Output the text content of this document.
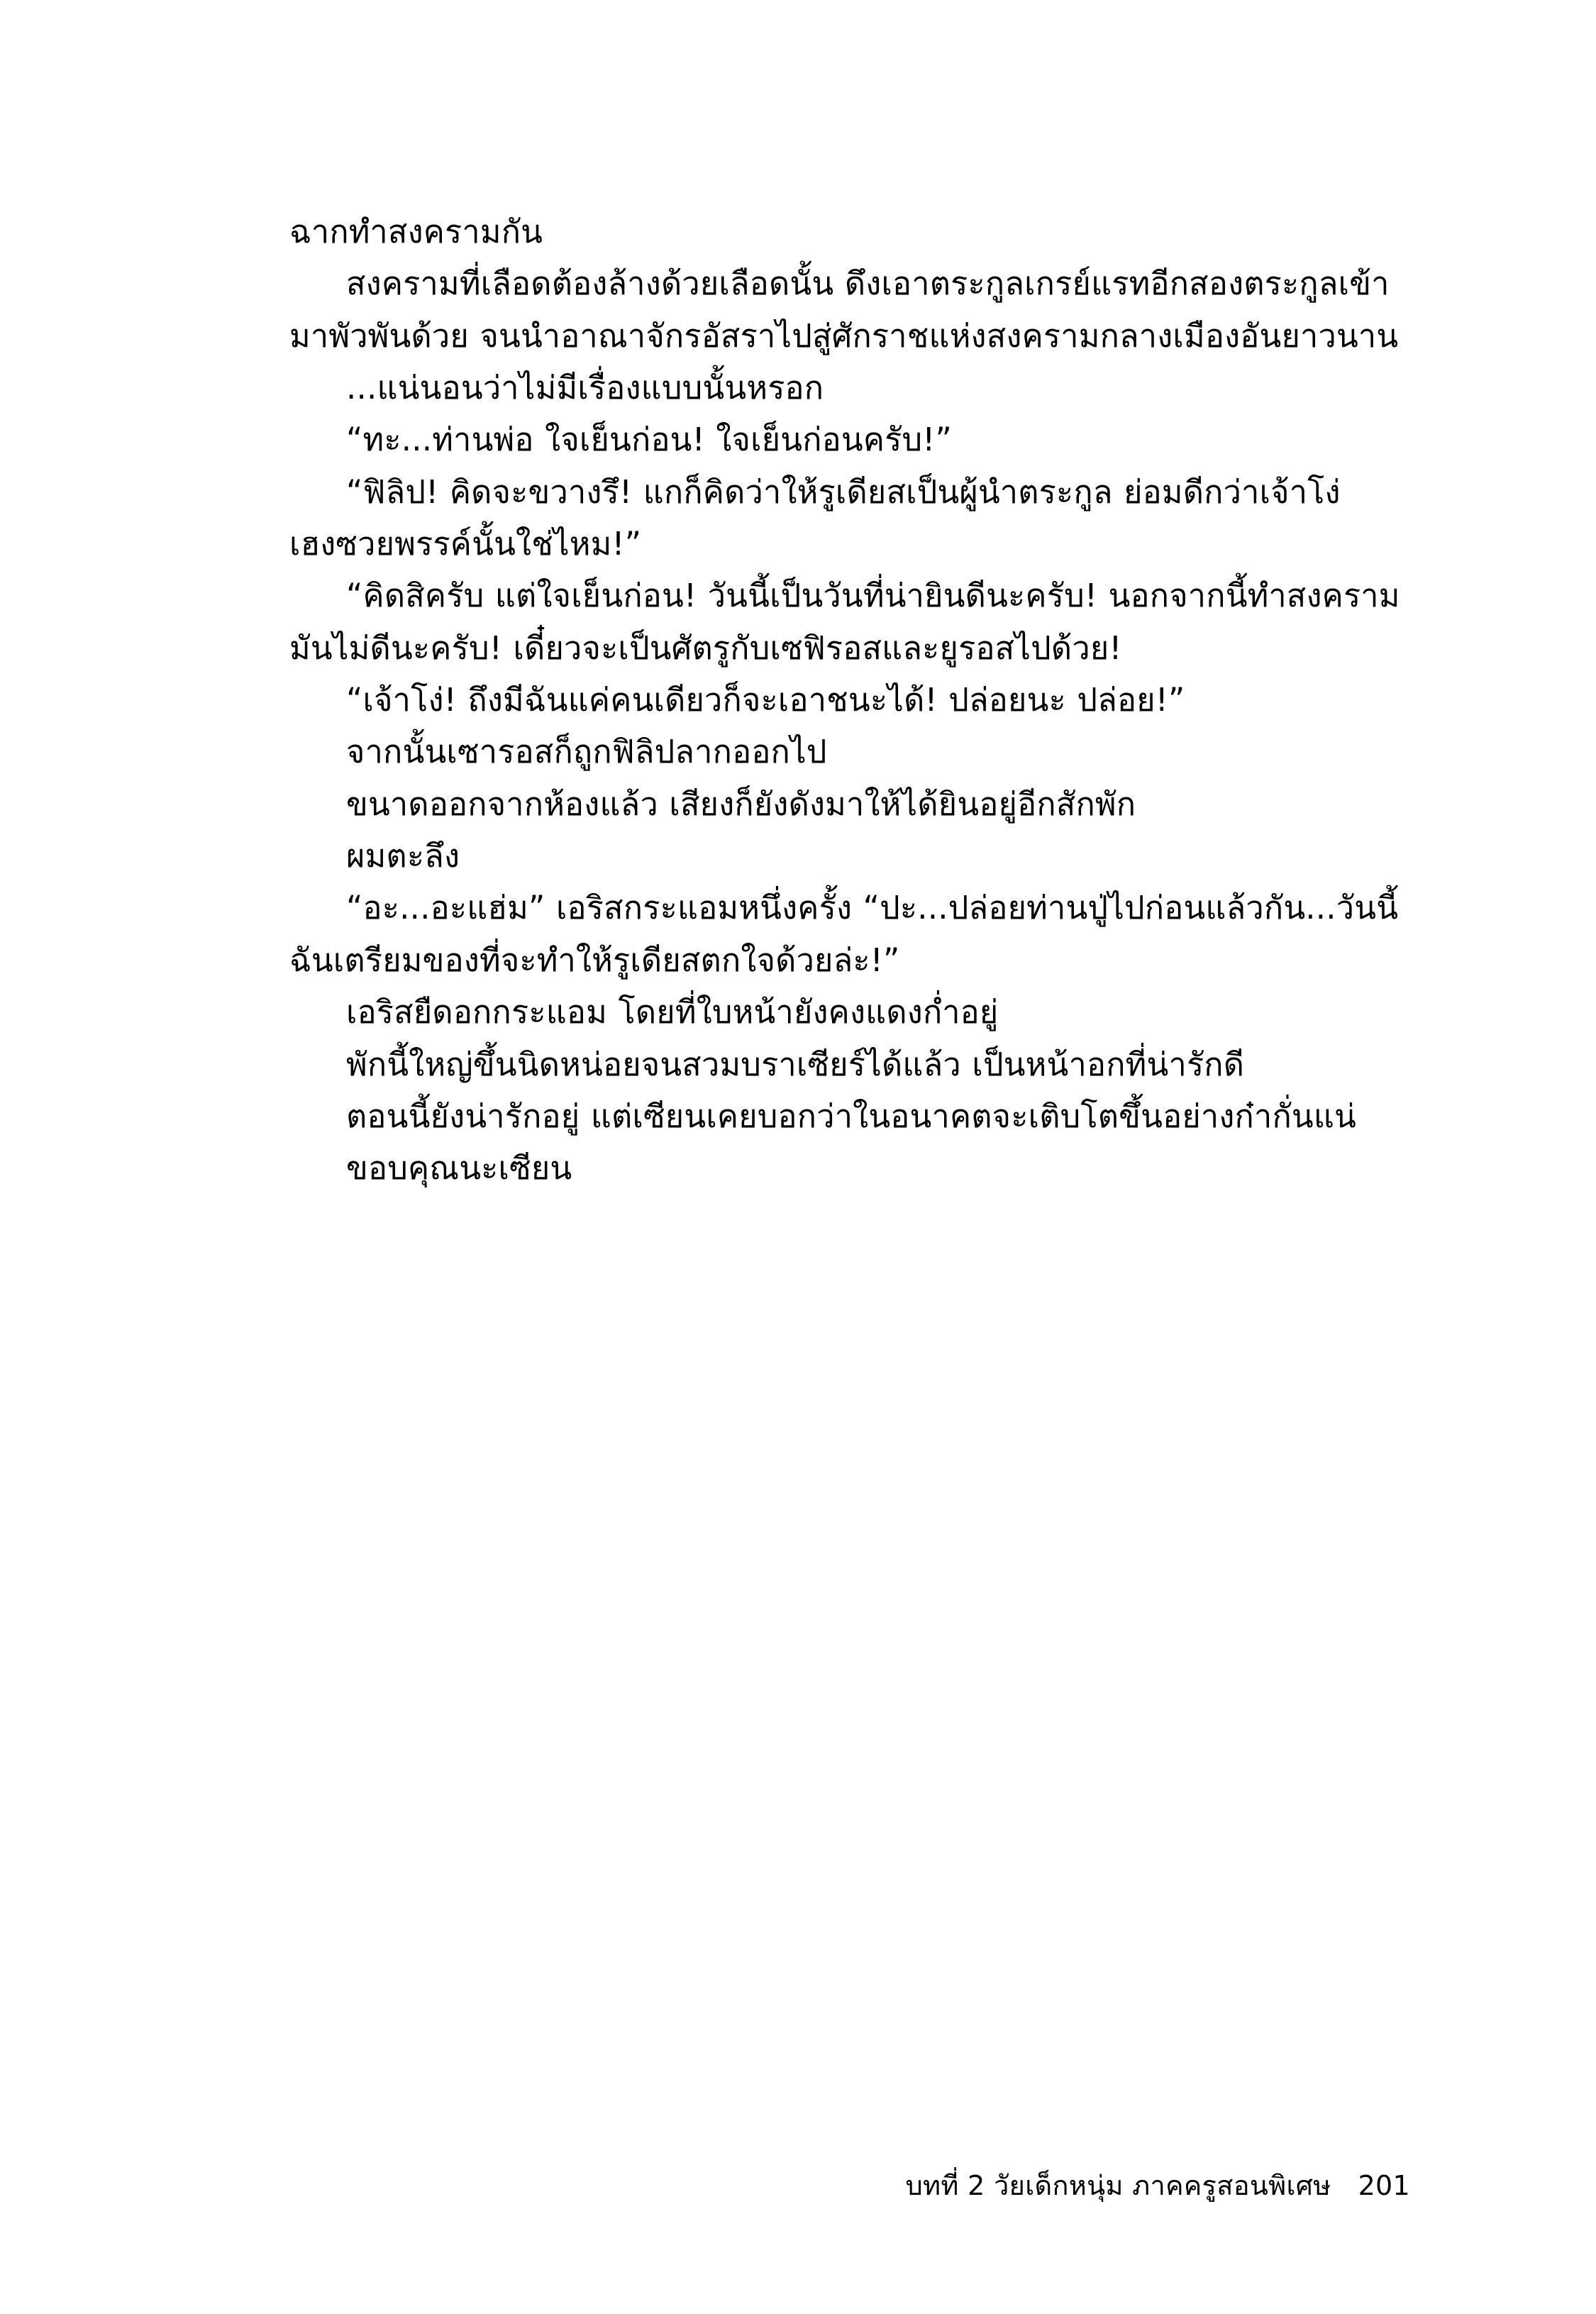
ฉากทำสงครามกัน

สงครามที่เลือดต้องล้างด้วยเลือดนั้น ดึงเอาตระกูลเกรย์แรทอีกสองตระกูลเข้ามาพัวพันด้วย จนนำอาณาจักรอัสราไปสู่ศักราชแห่งสงครามกลางเมืองอันยาวนาน

...แน่นอนว่าไม่มีเรื่องแบบนั้นหรอก

“ทะ...ท่านพ่อ ใจเย็นก่อน! ใจเย็นก่อนครับ!”

“ฟิลิป! คิดจะขวางรึ! แกก็คิดว่าให้รูเดียสเป็นผู้นำตระกูล ย่อมดีกว่าเจ้าโง่เฮงซวยพรรค์นั้นใช่ไหม!”

“คิดสิครับ แต่ใจเย็นก่อน! วันนี้เป็นวันที่น่ายินดีนะครับ! นอกจากนี้ทำสงครามมันไม่ดีนะครับ! เดี๋ยวจะเป็นศัตรูกับเซฟิรอสและยูรอสไปด้วย!

“เจ้าโง่! ถึงมีฉันแค่คนเดียวก็จะเอาชนะได้! ปล่อยนะ ปล่อย!”

จากนั้นเซารอสก็ถูกฟิลิปลากออกไป

ขนาดออกจากห้องแล้ว เสียงก็ยังดังมาให้ได้ยินอยู่อีกสักพัก

ผมตะลึง

“อะ...อะแฮ่ม” เอริสกระแอมหนึ่งครั้ง “ปะ...ปล่อยท่านปู่ไปก่อนแล้วกัน...วันนี้ฉันเตรียมของที่จะทำให้รูเดียสตกใจด้วยล่ะ!”

เอริสยืดอกกระแอม โดยที่ใบหน้ายังคงแดงก่ำอยู่

พักนี้ใหญ่ขึ้นนิดหน่อยจนสวมบราเซียร์ได้แล้ว เป็นหน้าอกที่น่ารักดี

ตอนนี้ยังน่ารักอยู่ แต่เซียนเคยบอกว่าในอนาคตจะเติบโตขึ้นอย่างก๋ากั่นแน่

ขอบคุณนะเซียน

บทที่ 2 วัยเด็กหนุ่ม ภาคครูสอนพิเศษ 201
